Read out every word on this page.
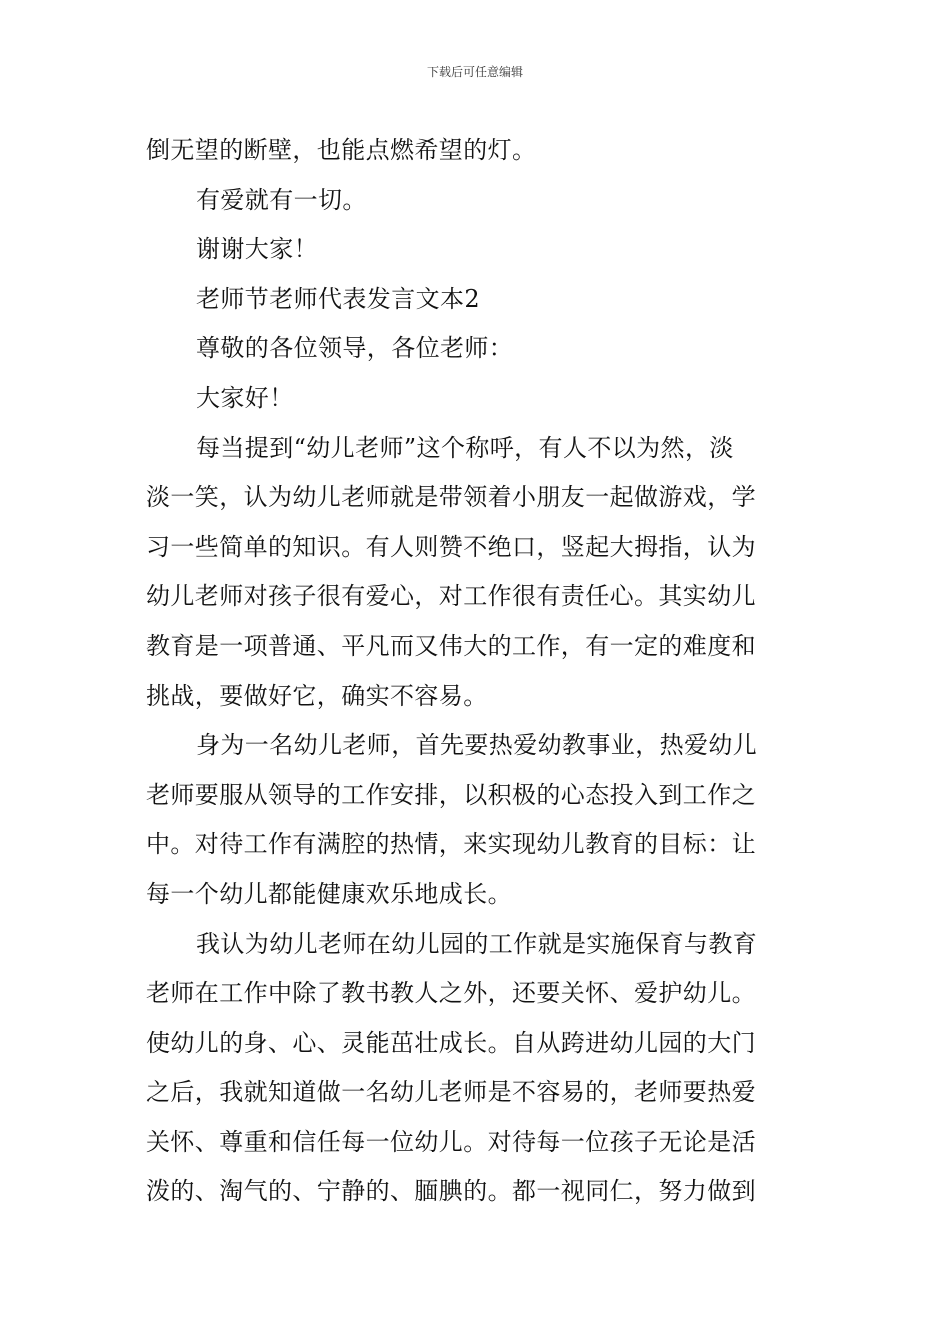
下载后可任意编辑
倒无望的断壁，也能点燃希望的灯。
有爱就有一切。
谢谢大家！
老师节老师代表发言文本2
尊敬的各位领导，各位老师：
大家好！
每当提到“幼儿老师”这个称呼，有人不以为然，淡
淡一笑，认为幼儿老师就是带领着小朋友一起做游戏，学
习一些简单的知识。有人则赞不绝口，竖起大拇指，认为
幼儿老师对孩子很有爱心，对工作很有责任心。其实幼儿
教育是一项普通、平凡而又伟大的工作，有一定的难度和
挑战，要做好它，确实不容易。
身为一名幼儿老师，首先要热爱幼教事业，热爱幼儿
老师要服从领导的工作安排，以积极的心态投入到工作之
中。对待工作有满腔的热情，来实现幼儿教育的目标：让
每一个幼儿都能健康欢乐地成长。
我认为幼儿老师在幼儿园的工作就是实施保育与教育
老师在工作中除了教书教人之外，还要关怀、爱护幼儿。
使幼儿的身、心、灵能茁壮成长。自从跨进幼儿园的大门
之后，我就知道做一名幼儿老师是不容易的，老师要热爱
关怀、尊重和信任每一位幼儿。对待每一位孩子无论是活
泼的、淘气的、宁静的、腼腆的。都一视同仁，努力做到
